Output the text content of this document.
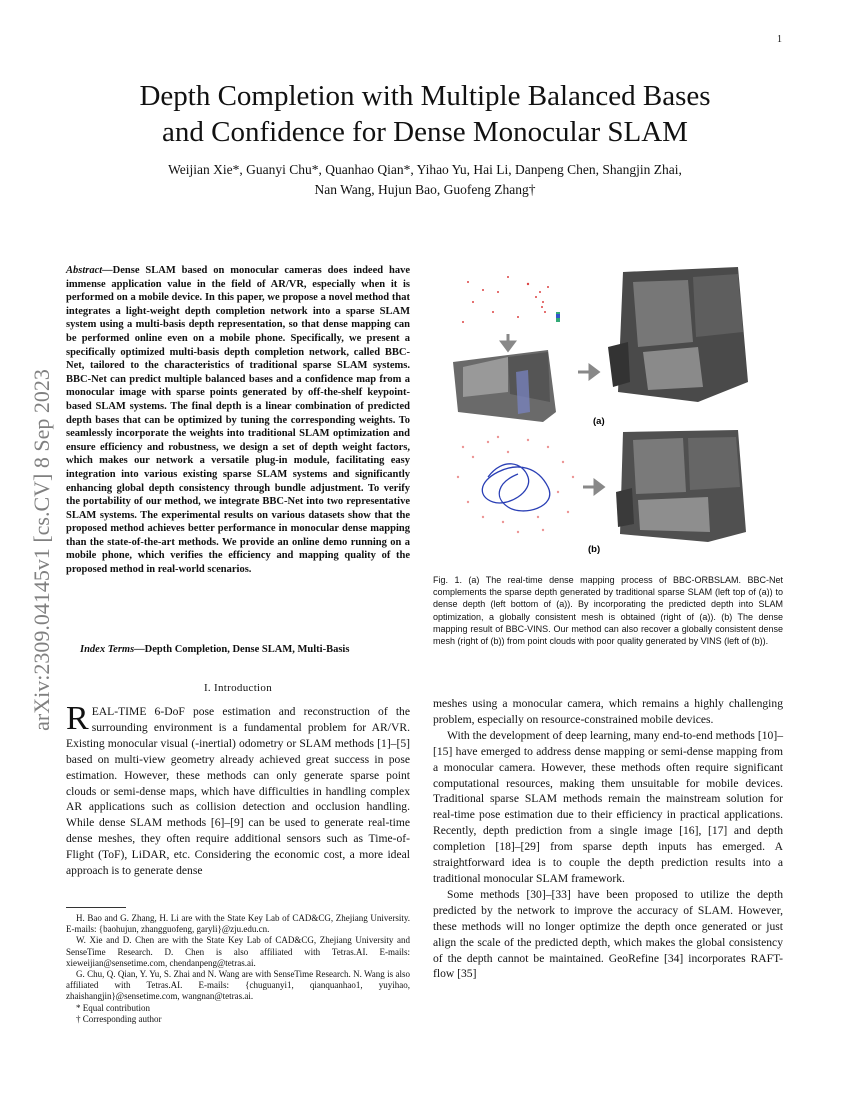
1
Depth Completion with Multiple Balanced Bases
and Confidence for Dense Monocular SLAM
Weijian Xie*, Guanyi Chu*, Quanhao Qian*, Yihao Yu, Hai Li, Danpeng Chen, Shangjin Zhai,
Nan Wang, Hujun Bao, Guofeng Zhang†
arXiv:2309.04145v1 [cs.CV] 8 Sep 2023
Abstract—Dense SLAM based on monocular cameras does indeed have immense application value in the field of AR/VR, especially when it is performed on a mobile device. In this paper, we propose a novel method that integrates a light-weight depth completion network into a sparse SLAM system using a multi-basis depth representation, so that dense mapping can be performed online even on a mobile phone. Specifically, we present a specifically optimized multi-basis depth completion network, called BBC-Net, tailored to the characteristics of traditional sparse SLAM systems. BBC-Net can predict multiple balanced bases and a confidence map from a monocular image with sparse points generated by off-the-shelf keypoint-based SLAM systems. The final depth is a linear combination of predicted depth bases that can be optimized by tuning the corresponding weights. To seamlessly incorporate the weights into traditional SLAM optimization and ensure efficiency and robustness, we design a set of depth weight factors, which makes our network a versatile plug-in module, facilitating easy integration into various existing sparse SLAM systems and significantly enhancing global depth consistency through bundle adjustment. To verify the portability of our method, we integrate BBC-Net into two representative SLAM systems. The experimental results on various datasets show that the proposed method achieves better performance in monocular dense mapping than the state-of-the-art methods. We provide an online demo running on a mobile phone, which verifies the efficiency and mapping quality of the proposed method in real-world scenarios.
Index Terms—Depth Completion, Dense SLAM, Multi-Basis
I. Introduction
REAL-TIME 6-DoF pose estimation and reconstruction of the surrounding environment is a fundamental problem for AR/VR. Existing monocular visual (-inertial) odometry or SLAM methods [1]–[5] based on multi-view geometry already achieved great success in pose estimation. However, these methods can only generate sparse point clouds or semi-dense maps, which have difficulties in handling complex AR applications such as collision detection and occlusion handling. While dense SLAM methods [6]–[9] can be used to generate real-time dense meshes, they often require additional sensors such as Time-of-Flight (ToF), LiDAR, etc. Considering the economic cost, a more ideal approach is to generate dense

H. Bao and G. Zhang, H. Li are with the State Key Lab of CAD&CG, Zhejiang University. E-mails: {baohujun, zhangguofeng, garyli}@zju.edu.cn.

W. Xie and D. Chen are with the State Key Lab of CAD&CG, Zhejiang University and SenseTime Research. D. Chen is also affiliated with Tetras.AI. E-mails: xieweijian@sensetime.com, chendanpeng@tetras.ai.

G. Chu, Q. Qian, Y. Yu, S. Zhai and N. Wang are with SenseTime Research. N. Wang is also affiliated with Tetras.AI. E-mails: {chuguanyi1, qianquanhao1, yuyihao, zhaishangjin}@sensetime.com, wangnan@tetras.ai.

* Equal contribution

† Corresponding author

(a)
(b)
Fig. 1. (a) The real-time dense mapping process of BBC-ORBSLAM. BBC-Net complements the sparse depth generated by traditional sparse SLAM (left top of (a)) to dense depth (left bottom of (a)). By incorporating the predicted depth into SLAM optimization, a globally consistent mesh is obtained (right of (a)). (b) The dense mapping result of BBC-VINS. Our method can also recover a globally consistent dense mesh (right of (b)) from point clouds with poor quality generated by VINS (left of (b)).

meshes using a monocular camera, which remains a highly challenging problem, especially on resource-constrained mobile devices.

With the development of deep learning, many end-to-end methods [10]–[15] have emerged to address dense mapping or semi-dense mapping from a monocular camera. However, these methods often require significant computational resources, making them unsuitable for mobile devices. Traditional sparse SLAM methods remain the mainstream solution for real-time pose estimation due to their efficiency in practical applications. Recently, depth prediction from a single image [16], [17] and depth completion [18]–[29] from sparse depth inputs has emerged. A straightforward idea is to couple the depth prediction results into a traditional monocular SLAM framework.

Some methods [30]–[33] have been proposed to utilize the depth predicted by the network to improve the accuracy of SLAM. However, these methods will no longer optimize the depth once generated or just align the scale of the predicted depth, which makes the global consistency of the depth cannot be maintained. GeoRefine [34] incorporates RAFT-flow [35]
